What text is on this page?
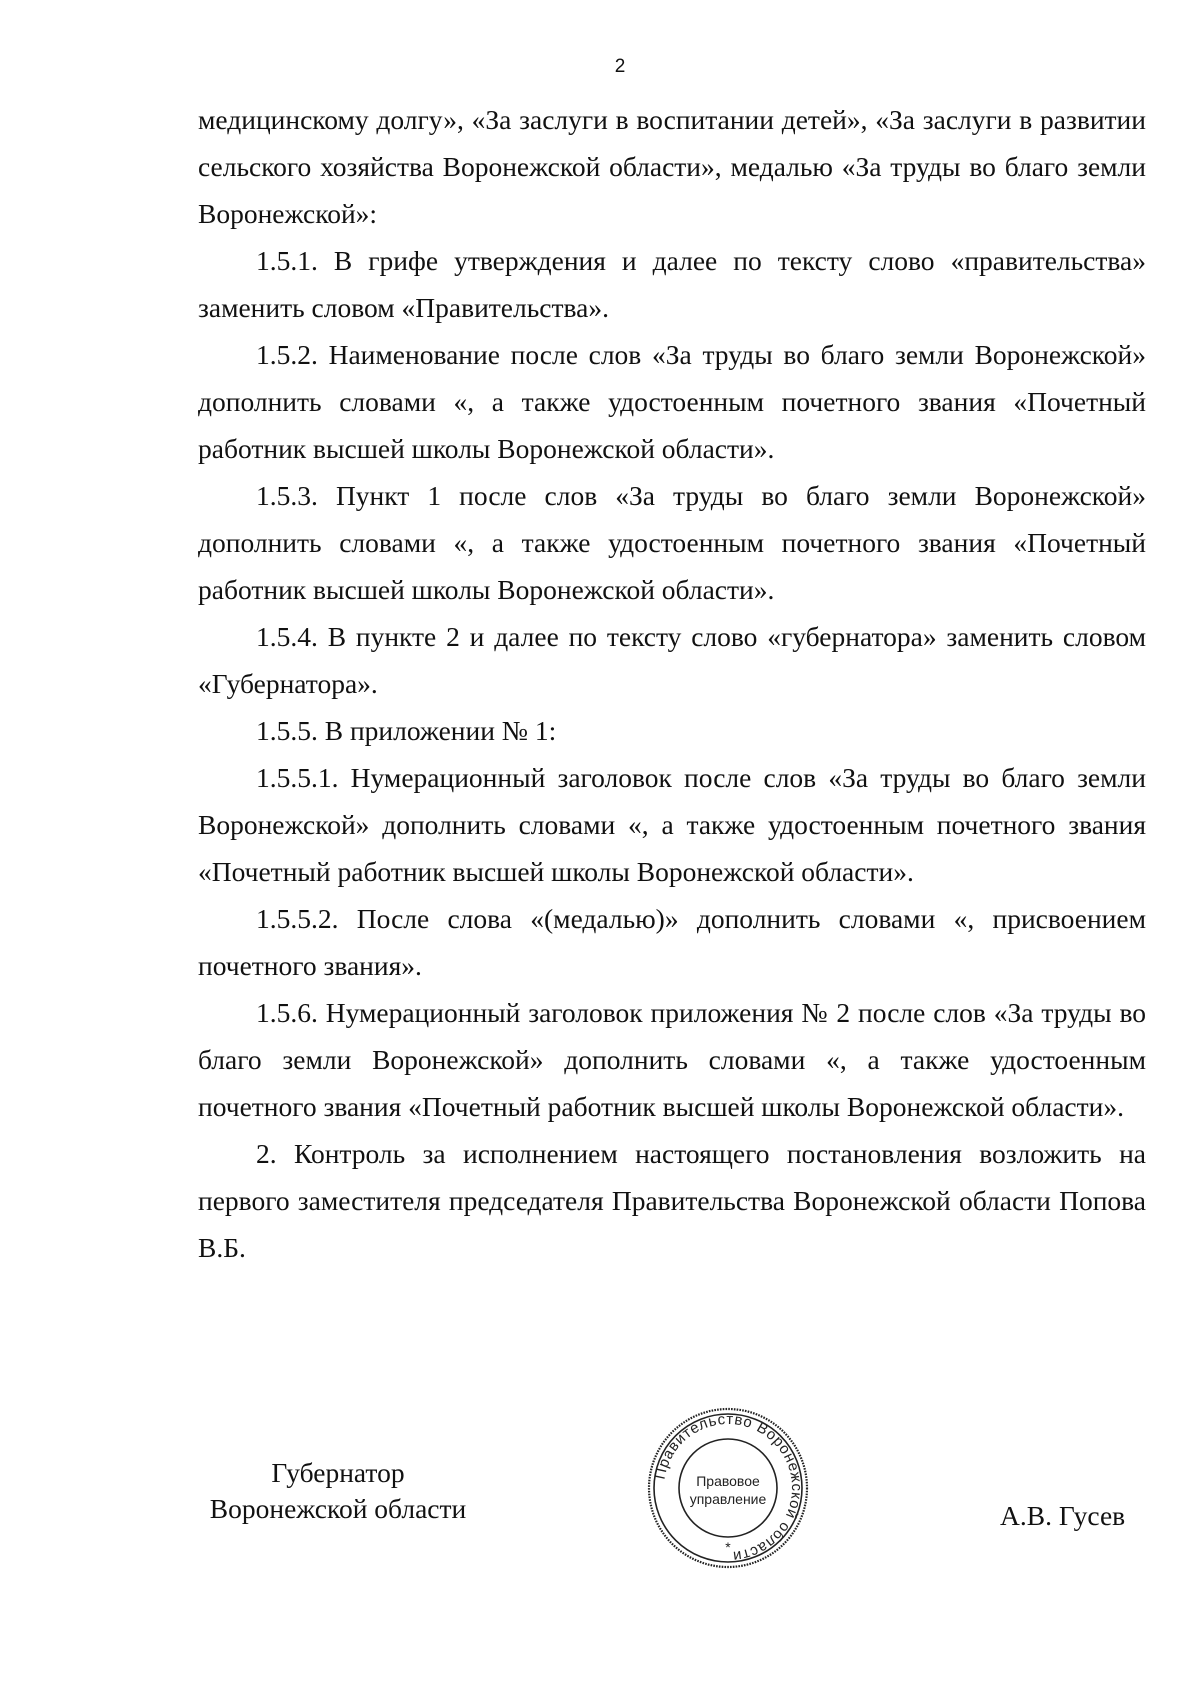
2

медицинскому долгу», «За заслуги в воспитании детей», «За заслуги в развитии сельского хозяйства Воронежской области», медалью «За труды во благо земли Воронежской»:

1.5.1. В грифе утверждения и далее по тексту слово «правительства» заменить словом «Правительства».

1.5.2. Наименование после слов «За труды во благо земли Воронежской» дополнить словами «, а также удостоенным почетного звания «Почетный работник высшей школы Воронежской области».

1.5.3. Пункт 1 после слов «За труды во благо земли Воронежской» дополнить словами «, а также удостоенным почетного звания «Почетный работник высшей школы Воронежской области».

1.5.4. В пункте 2 и далее по тексту слово «губернатора» заменить словом «Губернатора».

1.5.5. В приложении № 1:

1.5.5.1. Нумерационный заголовок после слов «За труды во благо земли Воронежской» дополнить словами «, а также удостоенным почетного звания «Почетный работник высшей школы Воронежской области».

1.5.5.2. После слова «(медалью)» дополнить словами «, присвоением почетного звания».

1.5.6. Нумерационный заголовок приложения № 2 после слов «За труды во благо земли Воронежской» дополнить словами «, а также удостоенным почетного звания «Почетный работник высшей школы Воронежской области».

2. Контроль за исполнением настоящего постановления возложить на первого заместителя председателя Правительства Воронежской области Попова В.Б.

Губернатор
Воронежской области	А.В. Гусев
Правительство Воронежской области
Правовое
управление
*
